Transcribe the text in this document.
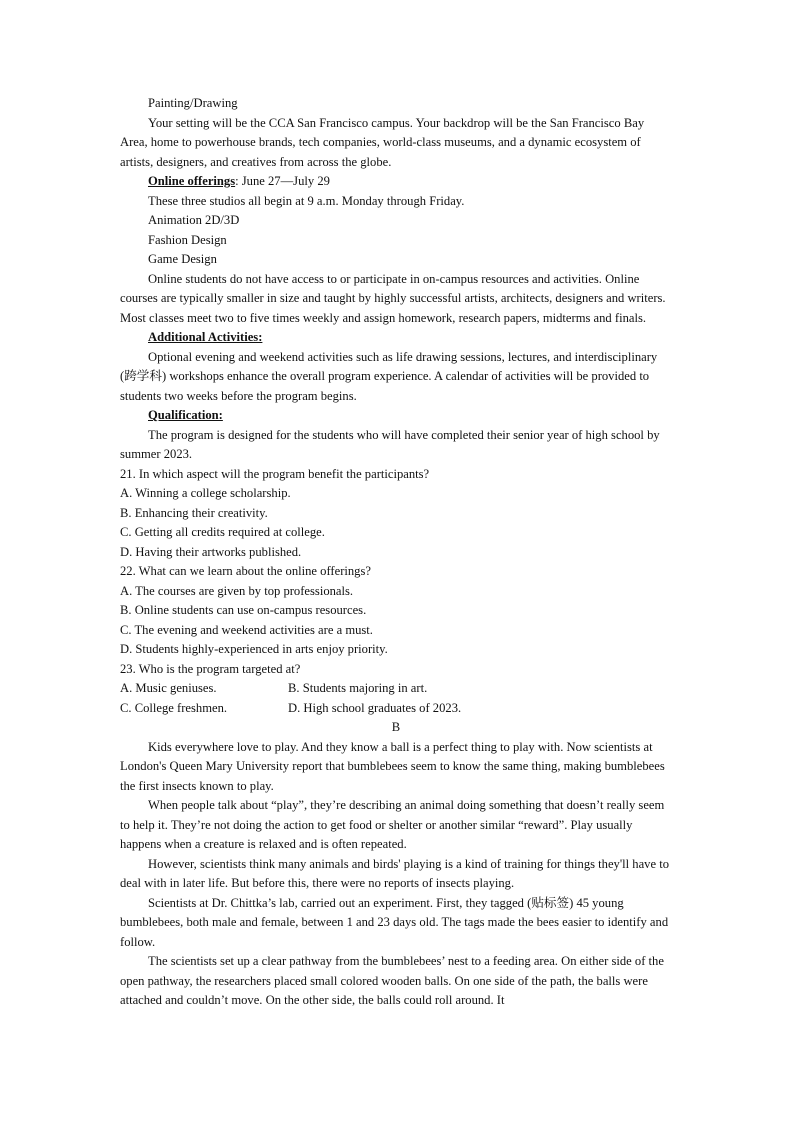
Painting/Drawing

Your setting will be the CCA San Francisco campus. Your backdrop will be the San Francisco Bay Area, home to powerhouse brands, tech companies, world-class museums, and a dynamic ecosystem of artists, designers, and creatives from across the globe.

Online offerings: June 27—July 29

These three studios all begin at 9 a.m. Monday through Friday.

Animation 2D/3D

Fashion Design

Game Design

Online students do not have access to or participate in on-campus resources and activities. Online courses are typically smaller in size and taught by highly successful artists, architects, designers and writers. Most classes meet two to five times weekly and assign homework, research papers, midterms and finals.

Additional Activities:

Optional evening and weekend activities such as life drawing sessions, lectures, and interdisciplinary (跨学科) workshops enhance the overall program experience. A calendar of activities will be provided to students two weeks before the program begins.

Qualification:

The program is designed for the students who will have completed their senior year of high school by summer 2023.

21. In which aspect will the program benefit the participants?

A. Winning a college scholarship.

B. Enhancing their creativity.

C. Getting all credits required at college.

D. Having their artworks published.

22. What can we learn about the online offerings?

A. The courses are given by top professionals.

B. Online students can use on-campus resources.

C. The evening and weekend activities are a must.

D. Students highly-experienced in arts enjoy priority.

23. Who is the program targeted at?

A. Music geniuses.	B. Students majoring in art.
C. College freshmen.	D. High school graduates of 2023.

B

Kids everywhere love to play. And they know a ball is a perfect thing to play with. Now scientists at London's Queen Mary University report that bumblebees seem to know the same thing, making bumblebees the first insects known to play.

When people talk about “play”, they’re describing an animal doing something that doesn’t really seem to help it. They’re not doing the action to get food or shelter or another similar “reward”. Play usually happens when a creature is relaxed and is often repeated.

However, scientists think many animals and birds' playing is a kind of training for things they'll have to deal with in later life. But before this, there were no reports of insects playing.

Scientists at Dr. Chittka’s lab, carried out an experiment. First, they tagged (贴标签) 45 young bumblebees, both male and female, between 1 and 23 days old. The tags made the bees easier to identify and follow.

The scientists set up a clear pathway from the bumblebees’ nest to a feeding area. On either side of the open pathway, the researchers placed small colored wooden balls. On one side of the path, the balls were attached and couldn’t move. On the other side, the balls could roll around. It
